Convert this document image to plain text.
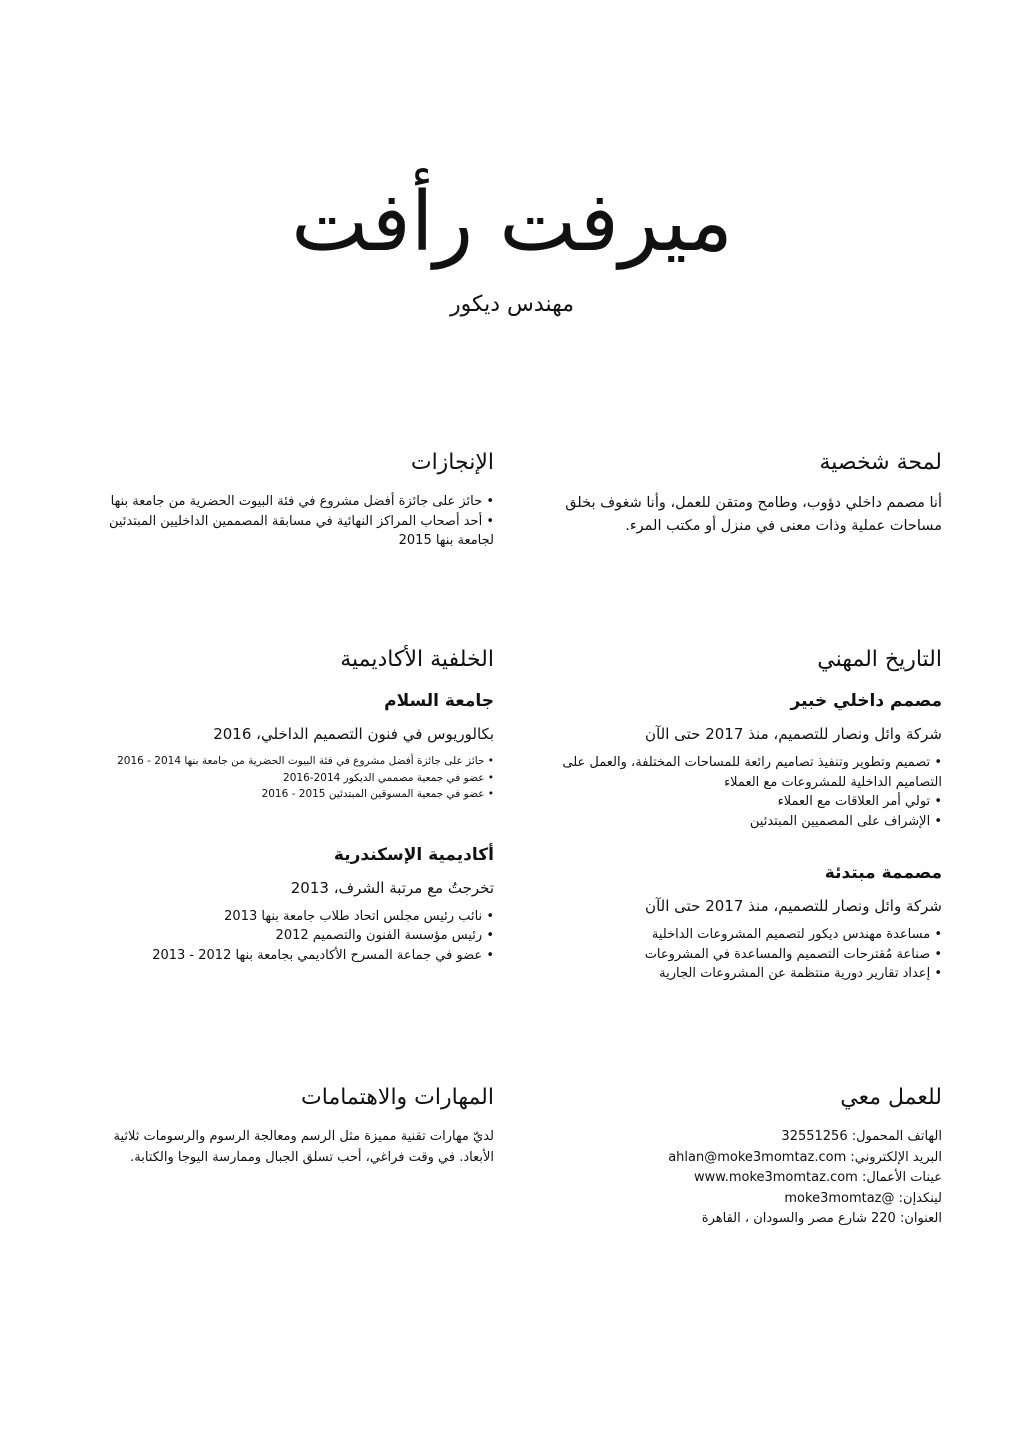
ميرفت رأفت
مهندس ديكور
لمحة شخصية

أنا مصمم داخلي دؤوب، وطامح ومتقن للعمل، وأنا شغوف بخلق مساحات عملية وذات معنى في منزل أو مكتب المرء.

الإنجازات
• حائز على جائزة أفضل مشروع في فئة البيوت الحضرية من جامعة بنها
• أحد أصحاب المراكز النهائية في مسابقة المصممين الداخليين المبتدئين لجامعة بنها 2015
التاريخ المهني
مصمم داخلي خبير
شركة وائل ونصار للتصميم، منذ 2017 حتى الآن
• تصميم وتطوير وتنفيذ تصاميم رائعة للمساحات المختلفة، والعمل على التصاميم الداخلية للمشروعات مع العملاء
• تولي أمر العلاقات مع العملاء
• الإشراف على المصميين المبتدئين
مصممة مبتدئة
شركة وائل ونصار للتصميم، منذ 2017 حتى الآن
• مساعدة مهندس ديكور لتصميم المشروعات الداخلية
• صناعة مُقترحات التصميم والمساعدة في المشروعات
• إعداد تقارير دورية منتظمة عن المشروعات الجارية
الخلفية الأكاديمية
جامعة السلام
بكالوريوس في فنون التصميم الداخلي، 2016
• حائز على جائزة أفضل مشروع في فئة البيوت الحضرية من جامعة بنها 2014 - 2016
• عضو في جمعية مصممي الديكور 2014-2016
• عضو في جمعية المسوقين المبتدئين 2015 - 2016
أكاديمية الإسكندرية
تخرجتُ مع مرتبة الشرف، 2013
• نائب رئيس مجلس اتحاد طلاب جامعة بنها 2013
• رئيس مؤسسة الفنون والتصميم 2012
• عضو في جماعة المسرح الأكاديمي بجامعة بنها 2012 - 2013
للعمل معي
الهاتف المحمول: 32551256
البريد الإلكتروني: ahlan@moke3momtaz.com
عينات الأعمال: www.moke3momtaz.com
لينكدإن: @moke3momtaz
العنوان: 220 شارع مصر والسودان ، القاهرة
المهارات والاهتمامات

لديّ مهارات تقنية مميزة مثل الرسم ومعالجة الرسوم والرسومات ثلاثية الأبعاد. في وقت فراغي، أحب تسلق الجبال وممارسة اليوجا والكتابة.
